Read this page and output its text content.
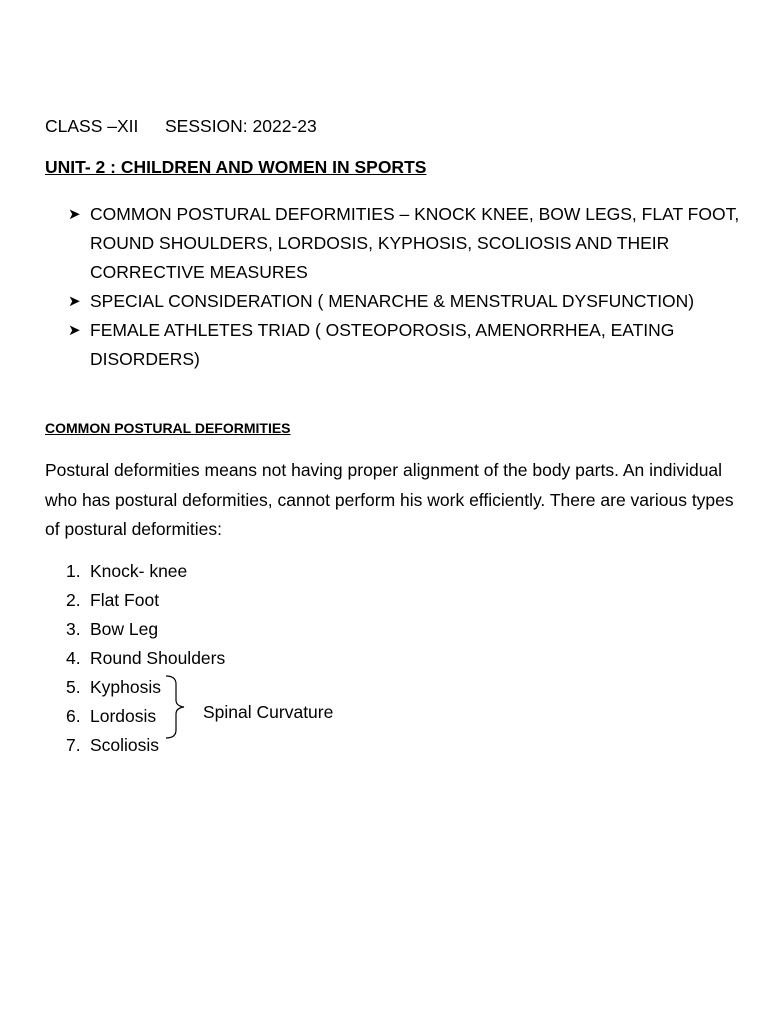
CLASS –XII SESSION: 2022-23
UNIT- 2 : CHILDREN AND WOMEN IN SPORTS
➤ COMMON POSTURAL DEFORMITIES – KNOCK KNEE, BOW LEGS, FLAT FOOT, ROUND SHOULDERS, LORDOSIS, KYPHOSIS, SCOLIOSIS AND THEIR CORRECTIVE MEASURES
➤ SPECIAL CONSIDERATION ( MENARCHE & MENSTRUAL DYSFUNCTION)
➤ FEMALE ATHLETES TRIAD ( OSTEOPOROSIS, AMENORRHEA, EATING DISORDERS)
COMMON POSTURAL DEFORMITIES

Postural deformities means not having proper alignment of the body parts. An individual who has postural deformities, cannot perform his work efficiently. There are various types of postural deformities:

1. Knock- knee
2. Flat Foot
3. Bow Leg
4. Round Shoulders
5. Kyphosis
6. Lordosis
7. Scoliosis
Spinal Curvature
